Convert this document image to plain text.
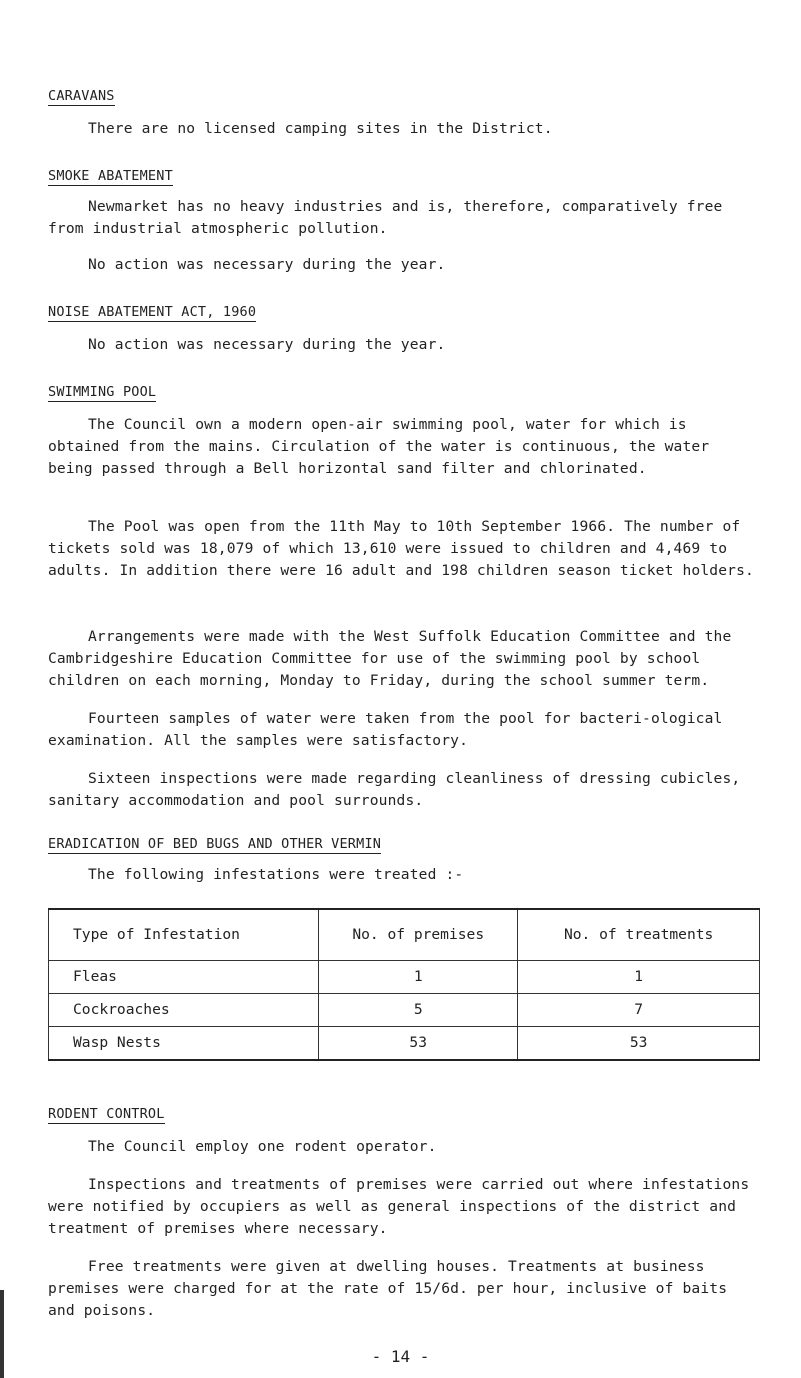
CARAVANS

There are no licensed camping sites in the District.

SMOKE ABATEMENT

Newmarket has no heavy industries and is, therefore, comparatively free from industrial atmospheric pollution.

No action was necessary during the year.

NOISE ABATEMENT ACT, 1960

No action was necessary during the year.

SWIMMING POOL

The Council own a modern open-air swimming pool, water for which is obtained from the mains. Circulation of the water is continuous, the water being passed through a Bell horizontal sand filter and chlorinated.

The Pool was open from the 11th May to 10th September 1966. The number of tickets sold was 18,079 of which 13,610 were issued to children and 4,469 to adults. In addition there were 16 adult and 198 children season ticket holders.

Arrangements were made with the West Suffolk Education Committee and the Cambridgeshire Education Committee for use of the swimming pool by school children on each morning, Monday to Friday, during the school summer term.

Fourteen samples of water were taken from the pool for bacteri-ological examination. All the samples were satisfactory.

Sixteen inspections were made regarding cleanliness of dressing cubicles, sanitary accommodation and pool surrounds.

ERADICATION OF BED BUGS AND OTHER VERMIN

The following infestations were treated :-

Type of Infestation	No. of premises	No. of treatments
Fleas	1	1
Cockroaches	5	7
Wasp Nests	53	53
RODENT CONTROL

The Council employ one rodent operator.

Inspections and treatments of premises were carried out where infestations were notified by occupiers as well as general inspections of the district and treatment of premises where necessary.

Free treatments were given at dwelling houses. Treatments at business premises were charged for at the rate of 15/6d. per hour, inclusive of baits and poisons.

- 14 -
